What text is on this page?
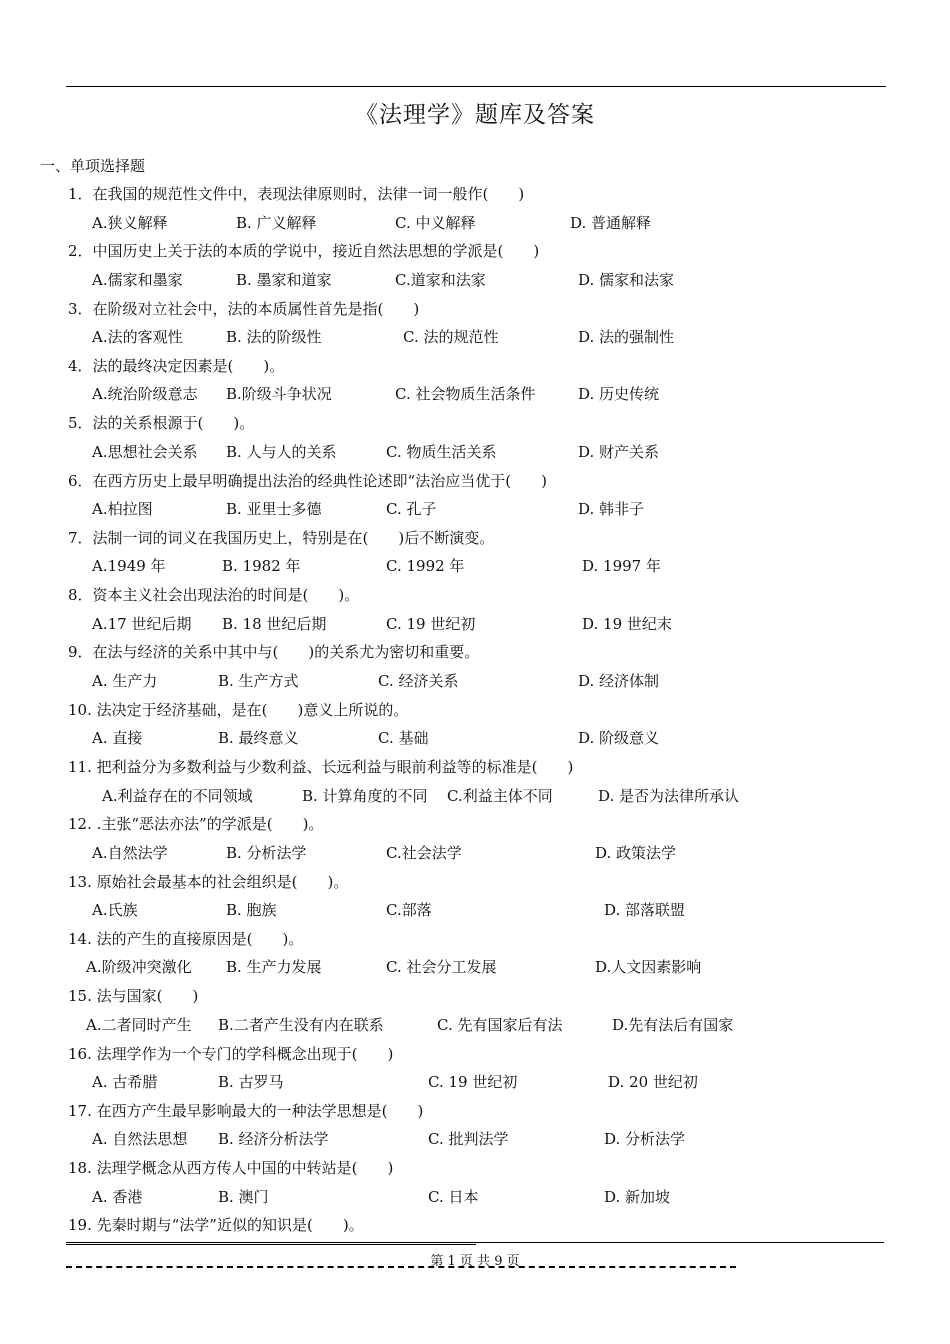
《法理学》题库及答案
一、单项选择题
1．在我国的规范性文件中，表现法律原则时，法律一词一般作(　　)
A.狭义解释	B. 广义解释	C. 中义解释	D. 普通解释
2．中国历史上关于法的本质的学说中，接近自然法思想的学派是(　　)
A.儒家和墨家	B. 墨家和道家	C.道家和法家	D. 儒家和法家
3．在阶级对立社会中，法的本质属性首先是指(　　)
A.法的客观性	B. 法的阶级性	C. 法的规范性	D. 法的强制性
4．法的最终决定因素是(　　)。
A.统治阶级意志 B.阶级斗争状况	C. 社会物质生活条件	D. 历史传统
5．法的关系根源于(　　)。
A.思想社会关系 B. 人与人的关系	C. 物质生活关系	D. 财产关系
6．在西方历史上最早明确提出法治的经典性论述即“法治应当优于(　　)
A.柏拉图	B. 亚里士多德	C. 孔子	D. 韩非子
7．法制一词的词义在我国历史上，特别是在(　　)后不断演变。
A.1949 年	B. 1982 年	C. 1992 年	D. 1997 年
8．资本主义社会出现法治的时间是(　　)。
A.17 世纪后期 B. 18 世纪后期	C. 19 世纪初	D. 19 世纪末
9．在法与经济的关系中其中与(　　)的关系尤为密切和重要。
A. 生产力	B. 生产方式	C. 经济关系	D. 经济体制
10. 法决定于经济基础，是在(　　)意义上所说的。
A. 直接	B. 最终意义	C. 基础	D. 阶级意义
11. 把利益分为多数利益与少数利益、长远利益与眼前利益等的标准是(　　)
A.利益存在的不同领域	B. 计算角度的不同 C.利益主体不同	D. 是否为法律所承认
12. .主张“恶法亦法”的学派是(　　)。
A.自然法学	B. 分析法学	C.社会法学	D. 政策法学
13. 原始社会最基本的社会组织是(　　)。
A.氏族	B. 胞族	C.部落	D. 部落联盟
14. 法的产生的直接原因是(　　)。
A.阶级冲突激化 B. 生产力发展	C. 社会分工发展	D.人文因素影响
15. 法与国家(　　)
A.二者同时产生 B.二者产生没有内在联系	C. 先有国家后有法	D.先有法后有国家
16. 法理学作为一个专门的学科概念出现于(　　)
A. 古希腊	B. 古罗马	C. 19 世纪初	D. 20 世纪初
17. 在西方产生最早影响最大的一种法学思想是(　　)
A. 自然法思想 B. 经济分析法学	C. 批判法学	D. 分析法学
18. 法理学概念从西方传人中国的中转站是(　　)
A. 香港	B. 澳门	C. 日本	D. 新加坡
19. 先秦时期与“法学”近似的知识是(　　)。
第 1 页 共 9 页
